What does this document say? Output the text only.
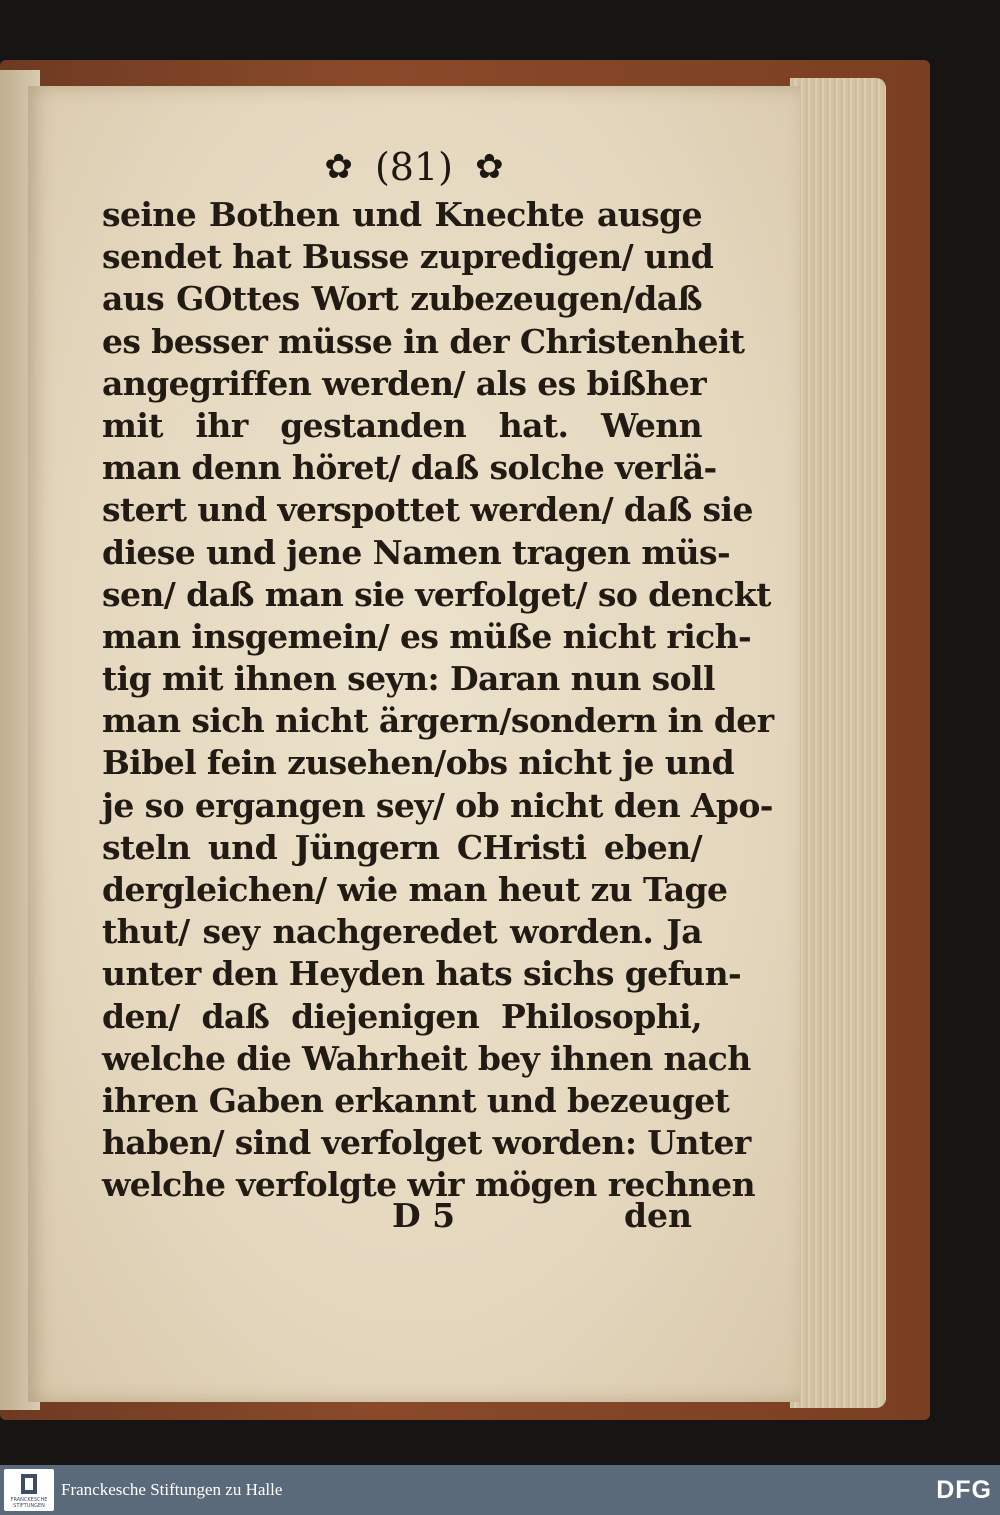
✿ (81) ✿
seine Bothen und Knechte ausge
sendet hat Busse zupredigen/ und
aus GOttes Wort zubezeugen/daß
es besser müsse in der Christenheit
angegriffen werden/ als es bißher
mit ihr gestanden hat. Wenn
man denn höret/ daß solche verlä-
stert und verspottet werden/ daß sie
diese und jene Namen tragen müs-
sen/ daß man sie verfolget/ so denckt
man insgemein/ es müße nicht rich-
tig mit ihnen seyn: Daran nun soll
man sich nicht ärgern/sondern in der
Bibel fein zusehen/obs nicht je und
je so ergangen sey/ ob nicht den Apo-
steln und Jüngern CHristi eben/
dergleichen/ wie man heut zu Tage
thut/ sey nachgeredet worden. Ja
unter den Heyden hats sichs gefun-
den/ daß diejenigen Philosophi,
welche die Wahrheit bey ihnen nach
ihren Gaben erkannt und bezeuget
haben/ sind verfolget worden: Unter
welche verfolgte wir mögen rechnen
D 5	den
FRANCKESCHE STIFTUNGEN
Franckesche Stiftungen zu Halle	DFG
